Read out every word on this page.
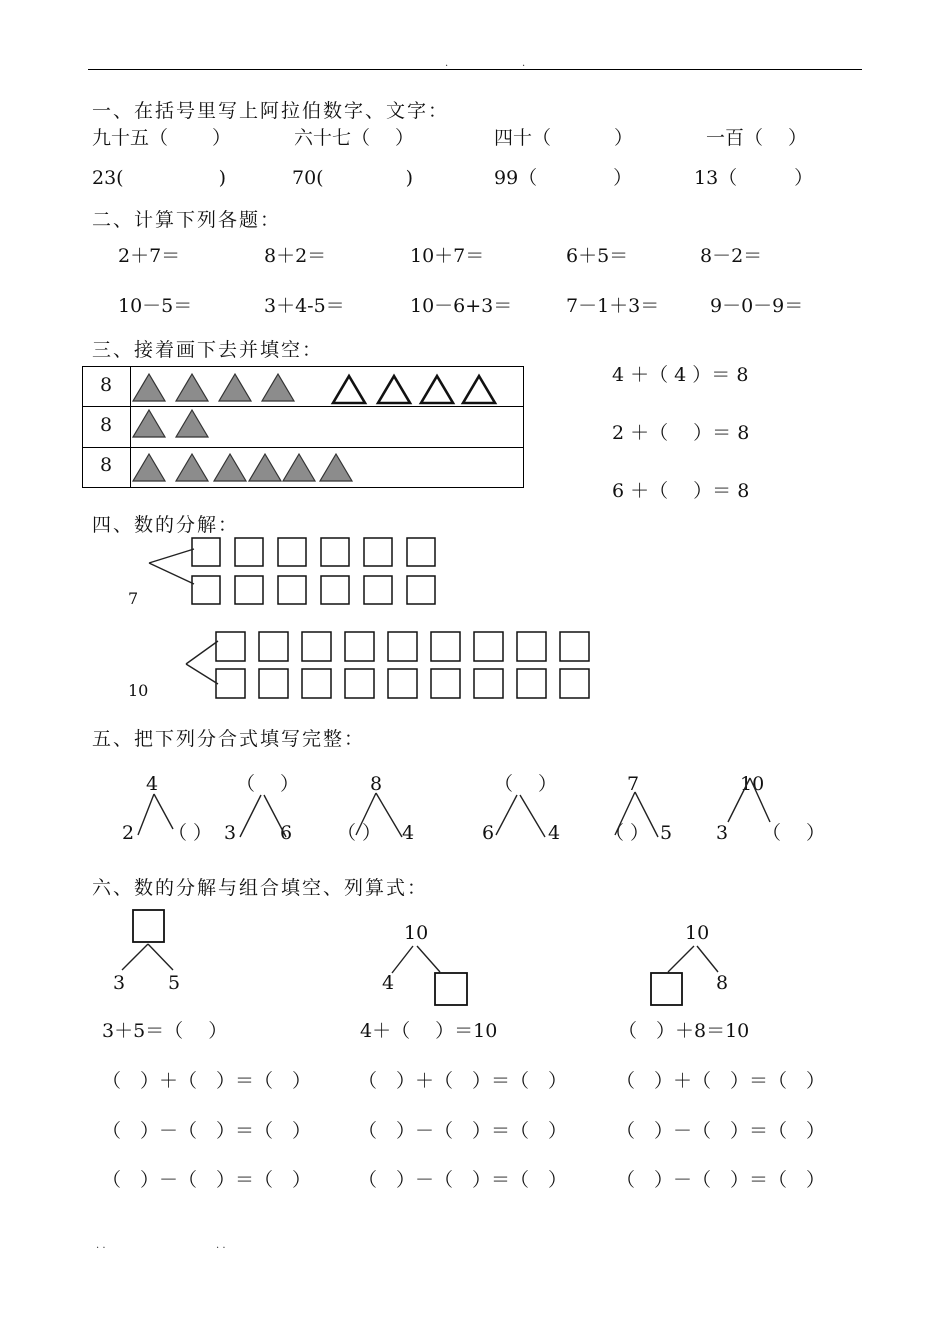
.	.
一、在括号里写上阿拉伯数字、文字：
九十五（　　 ）	六十七（　 ）	四十（　　　 ）	一百（　 ）
23(　　　　　)	70(　　　　 )	99（　　　　）	13（　　　）
二、计算下列各题：
2＋7＝	8＋2＝	10＋7＝	6＋5＝	8－2＝
10－5＝	3＋4-5＝	10－6+3＝	7－1＋3＝	9－0－9＝
三、接着画下去并填空：
8
8
8
4 ＋（ 4 ）＝ 8
2 ＋（　 ）＝ 8
6 ＋（　 ）＝ 8
四、数的分解：
7
10
五、把下列分合式填写完整：
4
2 （ ）
（　 ）
3 6
8
（ ） 4
（　 ）
6	4
7
（ ） 5
10
3 （　 ）
六、数的分解与组合填空、列算式：
3 5
10
4
10
8
3＋5＝（　 ）	4＋（　 ）＝10	（　）＋8＝10
（　）＋（　）＝（　） （　）＋（　）＝（　）	（　）＋（　）＝（　）
（　）－（　）＝（　） （　）－（　）＝（　）	（　）－（　）＝（　）
（　）－（　）＝（　） （　）－（　）＝（　）	（　）－（　）＝（　）
. .	. .
